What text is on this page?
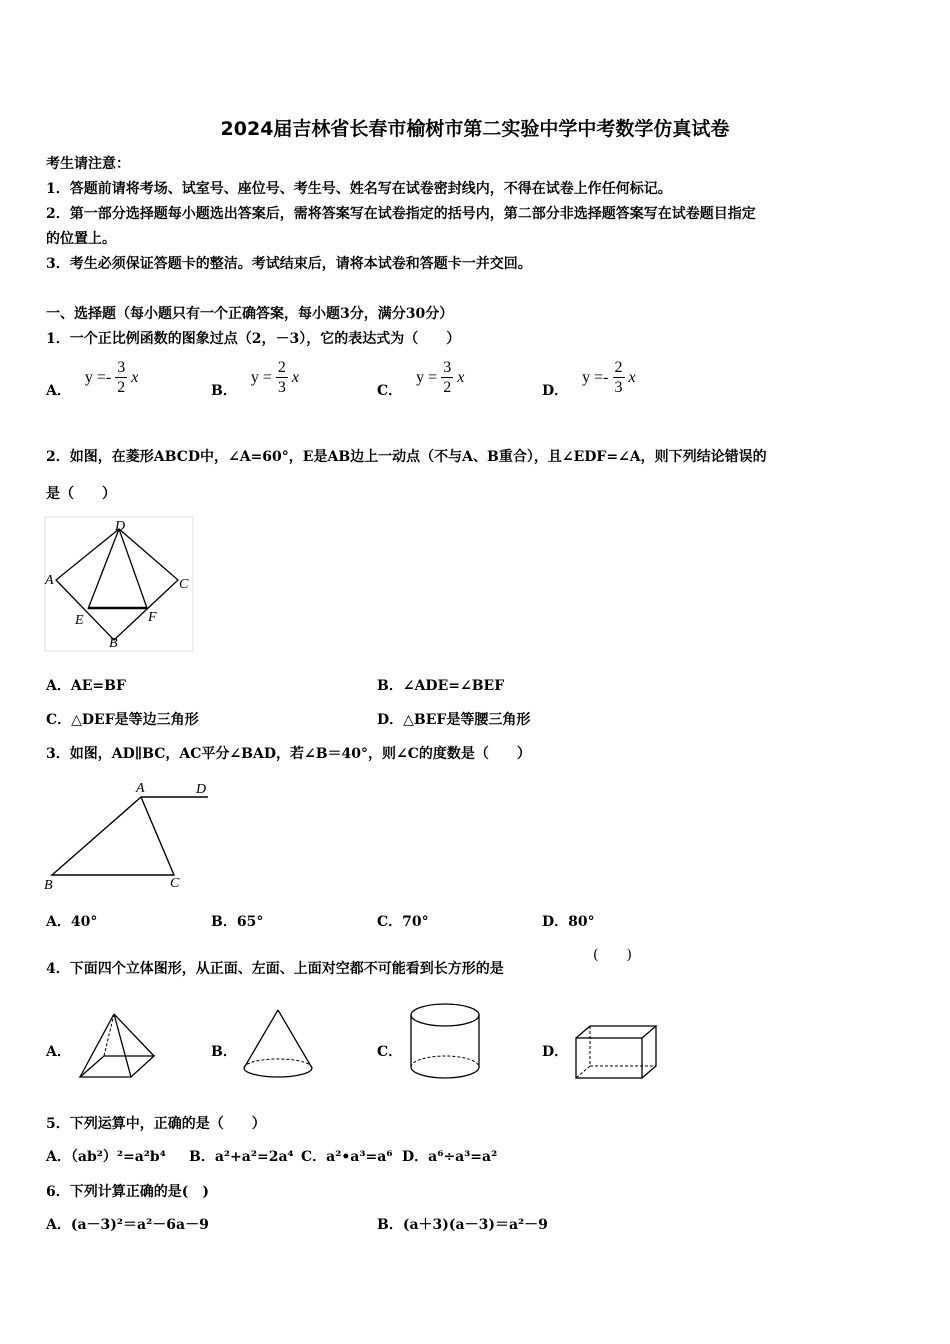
2024届吉林省长春市榆树市第二实验中学中考数学仿真试卷
考生请注意：
1．答题前请将考场、试室号、座位号、考生号、姓名写在试卷密封线内，不得在试卷上作任何标记。
2．第一部分选择题每小题选出答案后，需将答案写在试卷指定的括号内，第二部分非选择题答案写在试卷题目指定
的位置上。
3．考生必须保证答题卡的整洁。考试结束后，请将本试卷和答题卡一并交回。
一、选择题（每小题只有一个正确答案，每小题3分，满分30分）
1．一个正比例函数的图象过点（2，－3），它的表达式为（　　）
A．
$y =- \frac{3}{2}$ x
B．
$y = \frac{2}{3}$ x
C．
$y = \frac{3}{2}$ x
D．
$y =- \frac{2}{3}$ x
2．如图，在菱形ABCD中，∠A=60°，E是AB边上一动点（不与A、B重合），且∠EDF=∠A，则下列结论错误的
是（　　）
D
A	C
E	F
B
A．AE=BF	B．∠ADE=∠BEF
C．△DEF是等边三角形	D．△BEF是等腰三角形
3．如图，AD∥BC，AC平分∠BAD，若∠B＝40°，则∠C的度数是（　　）
A	D
B	C
A．40°	B．65°	C．70°	D．80°
4．下面四个立体图形，从正面、左面、上面对空都不可能看到长方形的是
(　　)
A．	B．	C．	D．
5．下列运算中，正确的是（　　）
A．（ab²）²=a²b⁴ B．a²+a²=2a⁴ C．a²•a³=a⁶ D．a⁶÷a³=a²
6．下列计算正确的是(　)
A．(a－3)²＝a²－6a－9	B．(a＋3)(a－3)＝a²－9
